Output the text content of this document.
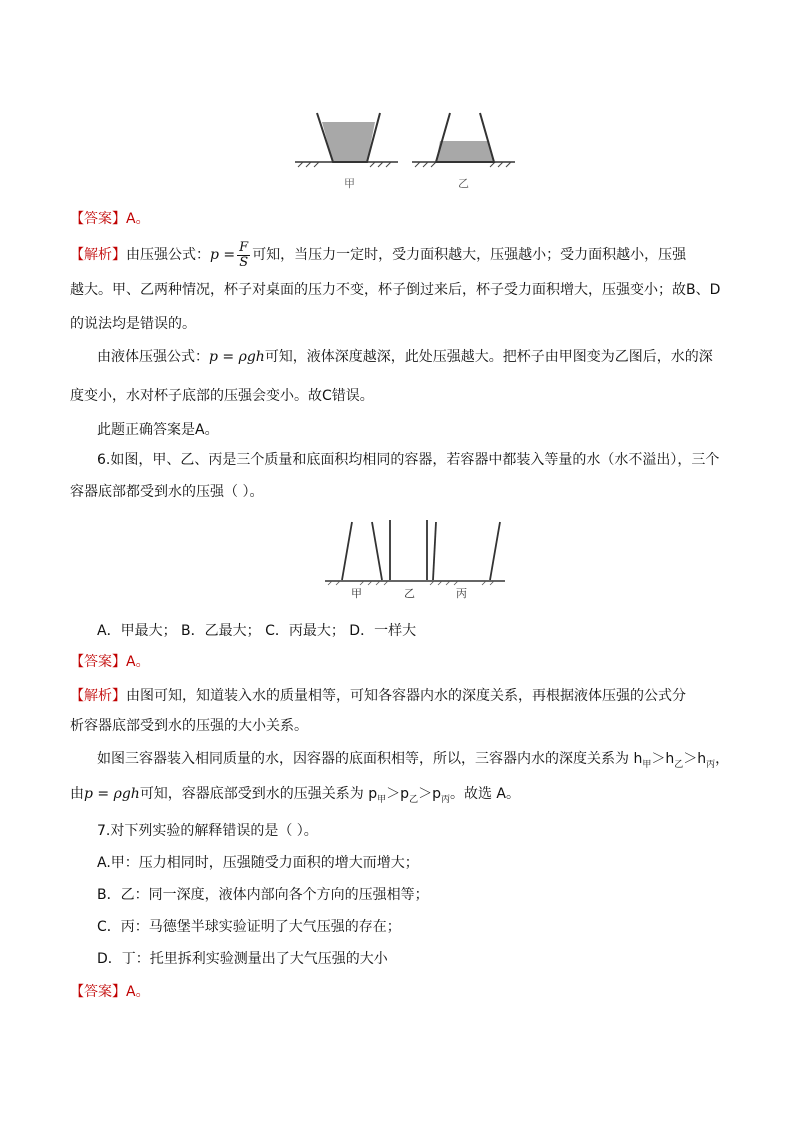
甲	乙
【答案】A。
【解析】由压强公式：$p = \frac{F}{S}$ 可知，当压力一定时，受力面积越大，压强越小；受力面积越小，压强
越大。甲、乙两种情况，杯子对桌面的压力不变，杯子倒过来后，杯子受力面积增大，压强变小；故B、D
的说法均是错误的。
由液体压强公式：p = ρgh可知，液体深度越深，此处压强越大。把杯子由甲图变为乙图后，水的深
度变小，水对杯子底部的压强会变小。故C错误。
此题正确答案是A。
6.如图，甲、乙、丙是三个质量和底面积均相同的容器，若容器中都装入等量的水（水不溢出），三个
容器底部都受到水的压强（ ）。
甲	乙	丙
A．甲最大； B．乙最大； C．丙最大； D．一样大
【答案】A。
【解析】由图可知，知道装入水的质量相等，可知各容器内水的深度关系，再根据液体压强的公式分
析容器底部受到水的压强的大小关系。
如图三容器装入相同质量的水，因容器的底面积相等，所以，三容器内水的深度关系为 $h_甲>h_乙>h_丙$，
由p = ρgh可知，容器底部受到水的压强关系为 $p_甲>p_乙>p_丙$。故选 A。
7.对下列实验的解释错误的是（ ）。
A.甲：压力相同时，压强随受力面积的增大而增大；
B．乙：同一深度，液体内部向各个方向的压强相等；
C．丙：马德堡半球实验证明了大气压强的存在；
D．丁：托里拆利实验测量出了大气压强的大小
【答案】A。
